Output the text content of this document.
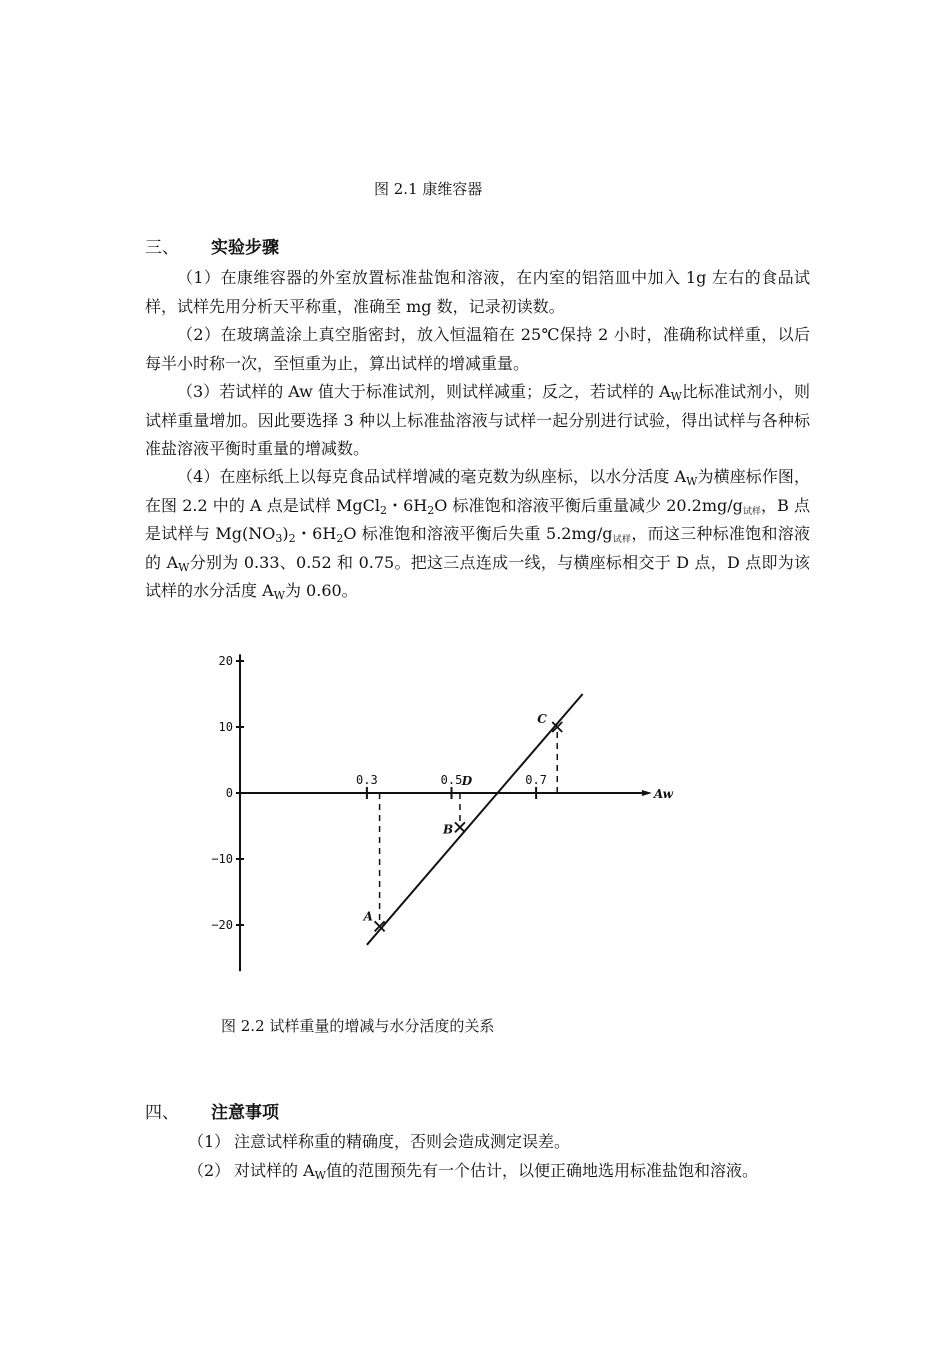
图 2.1 康维容器
三、 实验步骤
（1）在康维容器的外室放置标准盐饱和溶液，在内室的铝箔皿中加入 1g 左右的食品试样，试样先用分析天平称重，准确至 mg 数，记录初读数。
（2）在玻璃盖涂上真空脂密封，放入恒温箱在 25℃保持 2 小时，准确称试样重，以后每半小时称一次，至恒重为止，算出试样的增减重量。
（3）若试样的 Aw 值大于标准试剂，则试样减重；反之，若试样的 $A_W$比标准试剂小，则试样重量增加。因此要选择 3 种以上标准盐溶液与试样一起分别进行试验，得出试样与各种标准盐溶液平衡时重量的增减数。
（4）在座标纸上以每克食品试样增减的毫克数为纵座标，以水分活度 $A_W$为横座标作图，在图 2.2 中的 A 点是试样 MgCl$_2$・$6H_2O$ 标准饱和溶液平衡后重量减少 $20.2mg/g_{试样}$，B 点是试样与 $Mg(NO_3)_2$・$6H_2O$ 标准饱和溶液平衡后失重 $5.2mg/g_{试样}$，而这三种标准饱和溶液的 $A_W$分别为 0.33、0.52 和 0.75。把这三点连成一线，与横座标相交于 D 点，D 点即为该试样的水分活度 $A_W$为 0.60。
Aw
20
10
0
−10
−20
0.3	0.5	0.7
A
B
C
D
图 2.2 试样重量的增减与水分活度的关系
四、 注意事项
（1） 注意试样称重的精确度，否则会造成测定误差。
（2） 对试样的 $A_W$值的范围预先有一个估计，以便正确地选用标准盐饱和溶液。
